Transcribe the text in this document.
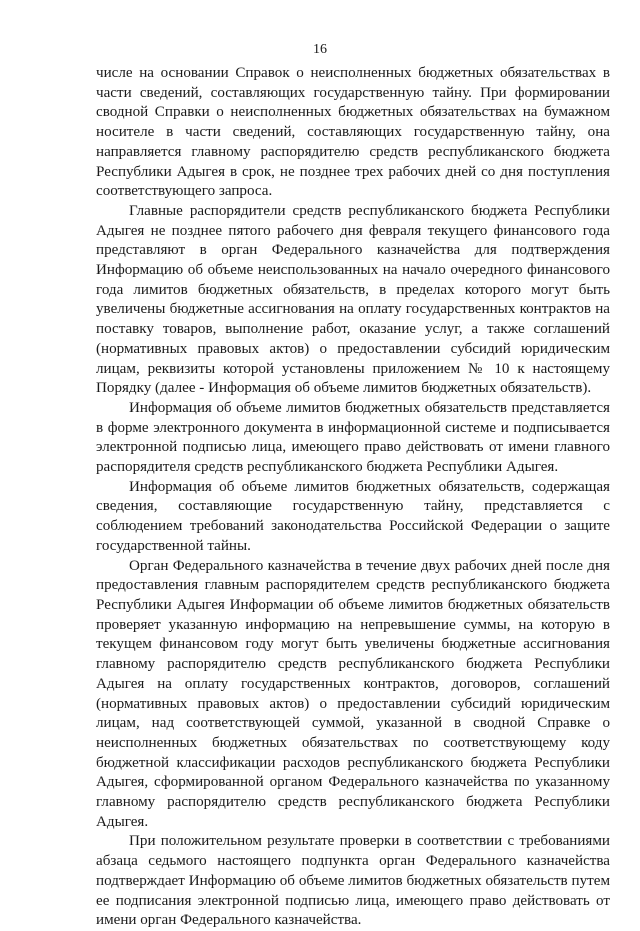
16

числе на основании Справок о неисполненных бюджетных обязательствах в части сведений, составляющих государственную тайну. При формировании сводной Справки о неисполненных бюджетных обязательствах на бумажном носителе в части сведений, составляющих государственную тайну, она направляется главному распорядителю средств республиканского бюджета Республики Адыгея в срок, не позднее трех рабочих дней со дня поступления соответствующего запроса.

Главные распорядители средств республиканского бюджета Республики Адыгея не позднее пятого рабочего дня февраля текущего финансового года представляют в орган Федерального казначейства для подтверждения Информацию об объеме неиспользованных на начало очередного финансового года лимитов бюджетных обязательств, в пределах которого могут быть увеличены бюджетные ассигнования на оплату государственных контрактов на поставку товаров, выполнение работ, оказание услуг, а также соглашений (нормативных правовых актов) о предоставлении субсидий юридическим лицам, реквизиты которой установлены приложением № 10 к настоящему Порядку (далее - Информация об объеме лимитов бюджетных обязательств).

Информация об объеме лимитов бюджетных обязательств представляется в форме электронного документа в информационной системе и подписывается электронной подписью лица, имеющего право действовать от имени главного распорядителя средств республиканского бюджета Республики Адыгея.

Информация об объеме лимитов бюджетных обязательств, содержащая сведения, составляющие государственную тайну, представляется с соблюдением требований законодательства Российской Федерации о защите государственной тайны.

Орган Федерального казначейства в течение двух рабочих дней после дня предоставления главным распорядителем средств республиканского бюджета Республики Адыгея Информации об объеме лимитов бюджетных обязательств проверяет указанную информацию на непревышение суммы, на которую в текущем финансовом году могут быть увеличены бюджетные ассигнования главному распорядителю средств республиканского бюджета Республики Адыгея на оплату государственных контрактов, договоров, соглашений (нормативных правовых актов) о предоставлении субсидий юридическим лицам, над соответствующей суммой, указанной в сводной Справке о неисполненных бюджетных обязательствах по соответствующему коду бюджетной классификации расходов республиканского бюджета Республики Адыгея, сформированной органом Федерального казначейства по указанному главному распорядителю средств республиканского бюджета Республики Адыгея.

При положительном результате проверки в соответствии с требованиями абзаца седьмого настоящего подпункта орган Федерального казначейства подтверждает Информацию об объеме лимитов бюджетных обязательств путем ее подписания электронной подписью лица, имеющего право действовать от имени орган Федерального казначейства.
